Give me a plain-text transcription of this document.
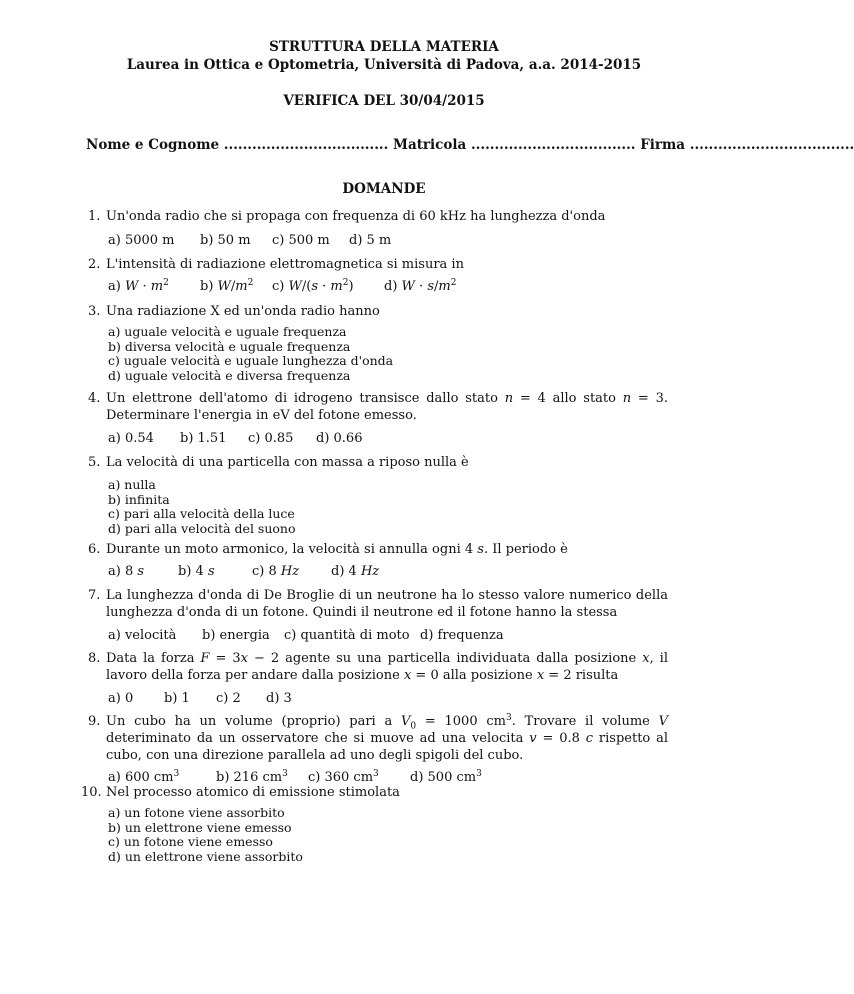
STRUTTURA DELLA MATERIA
Laurea in Ottica e Optometria, Università di Padova, a.a. 2014-2015
VERIFICA DEL 30/04/2015
Nome e Cognome ................................... Matricola ................................... Firma ...................................
DOMANDE
1. Un'onda radio che si propaga con frequenza di 60 kHz ha lunghezza d'onda
a) 5000 m b) 50 m c) 500 m d) 5 m
2. L'intensità di radiazione elettromagnetica si misura in
a) $W \cdot m^2$ b) $W/m^2$ c) $W/(s \cdot m^2)$ d) $W \cdot s/m^2$
3. Una radiazione X ed un'onda radio hanno
a) uguale velocità e uguale frequenza
b) diversa velocità e uguale frequenza
c) uguale velocità e uguale lunghezza d'onda
d) uguale velocità e diversa frequenza
4. Un elettrone dell'atomo di idrogeno transisce dallo stato n = 4 allo stato n = 3. Determinare l'energia in eV del fotone emesso.
a) 0.54 b) 1.51 c) 0.85 d) 0.66
5. La velocità di una particella con massa a riposo nulla è
a) nulla
b) infinita
c) pari alla velocità della luce
d) pari alla velocità del suono
6. Durante un moto armonico, la velocità si annulla ogni 4 s. Il periodo è
a) 8 s	b) 4 s	c) 8 Hz d) 4 Hz
7. La lunghezza d'onda di De Broglie di un neutrone ha lo stesso valore numerico della lunghezza d'onda di un fotone. Quindi il neutrone ed il fotone hanno la stessa
a) velocità b) energia c) quantità di moto d) frequenza
8. Data la forza F = 3x − 2 agente su una particella individuata dalla posizione x, il lavoro della forza per andare dalla posizione x = 0 alla posizione x = 2 risulta
a) 0 b) 1 c) 2 d) 3
9. Un cubo ha un volume (proprio) pari a $V_0 = 1000$ $cm^3$. Trovare il volume V deteriminato da un osservatore che si muove ad una velocita v = 0.8 c rispetto al cubo, con una direzione parallela ad uno degli spigoli del cubo.
a) 600 $cm^3$	b) 216 $cm^3$ c) 360 $cm^3$ d) 500 $cm^3$
10. Nel processo atomico di emissione stimolata
a) un fotone viene assorbito
b) un elettrone viene emesso
c) un fotone viene emesso
d) un elettrone viene assorbito
